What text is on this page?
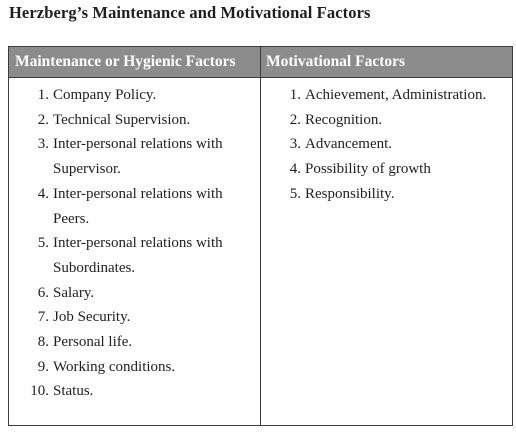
Herzberg’s Maintenance and Motivational Factors
Maintenance or Hygienic Factors	Motivational Factors
1. Company Policy.
2. Technical Supervision.
3. Inter-personal relations with Supervisor.
4. Inter-personal relations with Peers.
5. Inter-personal relations with Subordinates.
6. Salary.
7. Job Security.
8. Personal life.
9. Working conditions.
10. Status.
1. Achievement, Administration.
2. Recognition.
3. Advancement.
4. Possibility of growth
5. Responsibility.
